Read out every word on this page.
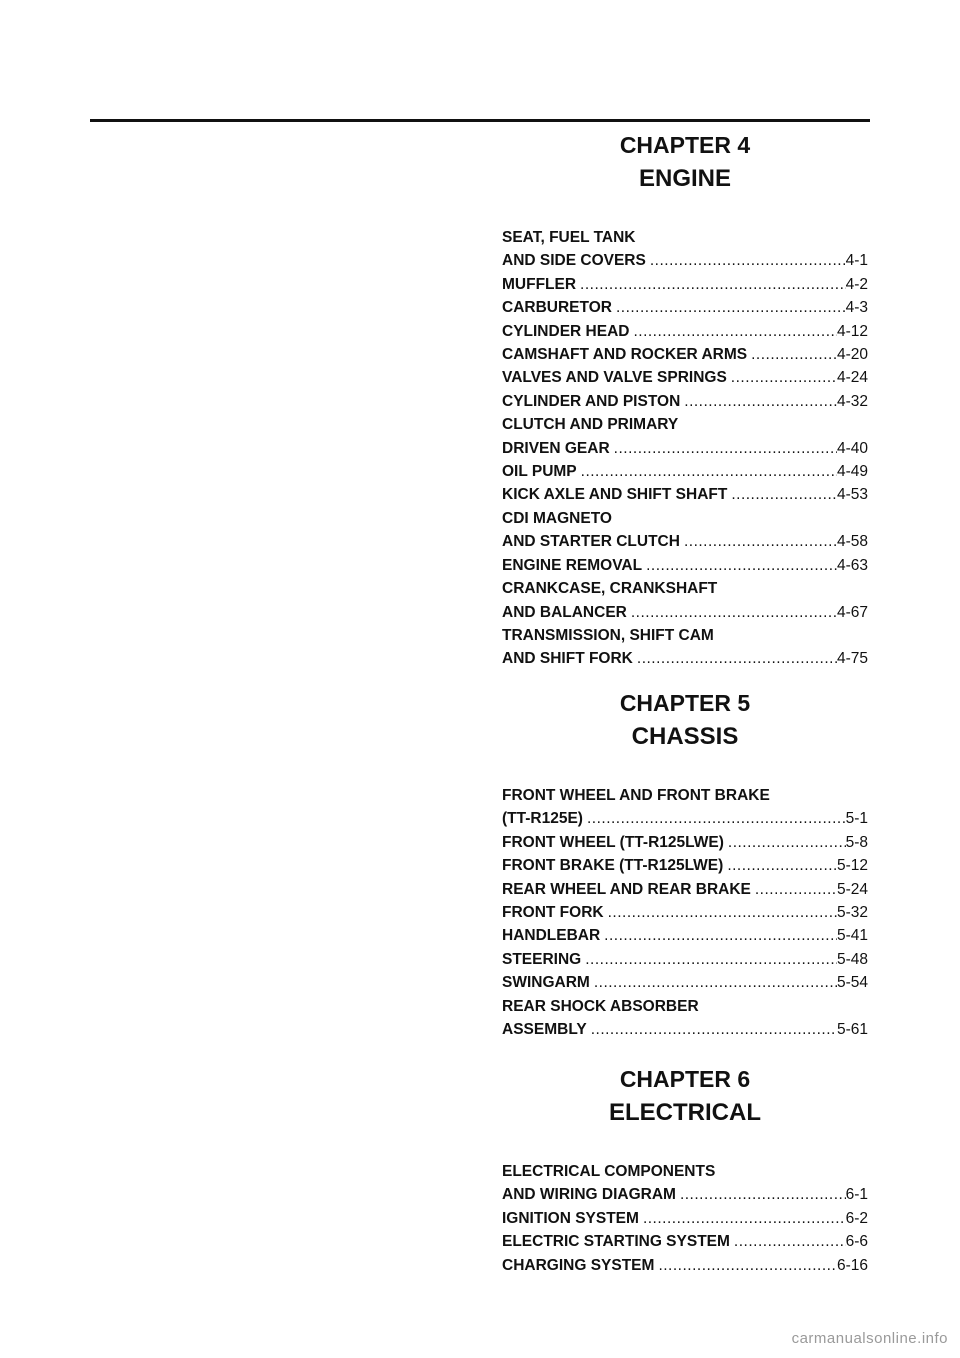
CHAPTER 4
ENGINE
SEAT, FUEL TANK
AND SIDE COVERS .....	4-1
MUFFLER .....	4-2
CARBURETOR .....	4-3
CYLINDER HEAD .....	4-12
CAMSHAFT AND ROCKER ARMS .....	4-20
VALVES AND VALVE SPRINGS .....	4-24
CYLINDER AND PISTON .....	4-32
CLUTCH AND PRIMARY
DRIVEN GEAR .....	4-40
OIL PUMP .....	4-49
KICK AXLE AND SHIFT SHAFT .....	4-53
CDI MAGNETO
AND STARTER CLUTCH .....	4-58
ENGINE REMOVAL .....	4-63
CRANKCASE, CRANKSHAFT
AND BALANCER .....	4-67
TRANSMISSION, SHIFT CAM
AND SHIFT FORK .....	4-75
CHAPTER 5
CHASSIS
FRONT WHEEL AND FRONT BRAKE
(TT-R125E) .....	5-1
FRONT WHEEL (TT-R125LWE) .....	5-8
FRONT BRAKE (TT-R125LWE) .....	5-12
REAR WHEEL AND REAR BRAKE .....	5-24
FRONT FORK .....	5-32
HANDLEBAR .....	5-41
STEERING .....	5-48
SWINGARM .....	5-54
REAR SHOCK ABSORBER
ASSEMBLY .....	5-61
CHAPTER 6
ELECTRICAL
ELECTRICAL COMPONENTS
AND WIRING DIAGRAM .....	6-1
IGNITION SYSTEM .....	6-2
ELECTRIC STARTING SYSTEM .....	6-6
CHARGING SYSTEM .....	6-16
carmanualsonline.info
